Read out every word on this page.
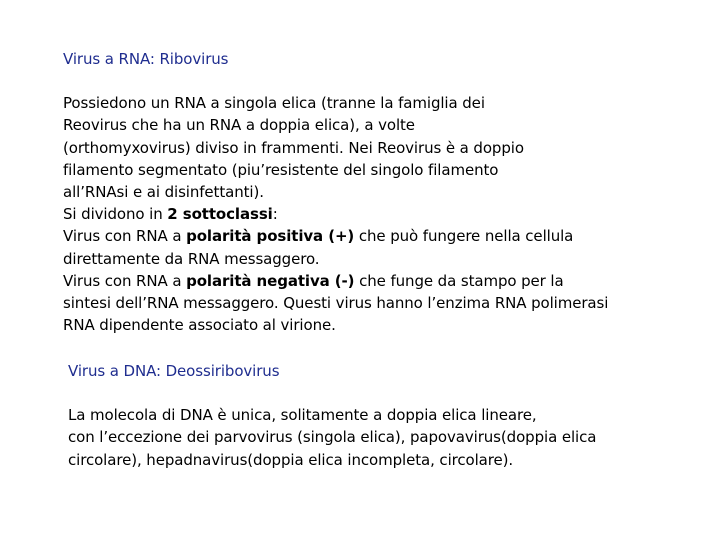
Virus a RNA: Ribovirus
Possiedono un RNA a singola elica (tranne la famiglia dei
Reovirus che ha un RNA a doppia elica), a volte
(orthomyxovirus) diviso in frammenti. Nei Reovirus è a doppio
filamento segmentato (piu’resistente del singolo filamento
all’RNAsi e ai disinfettanti).
Si dividono in 2 sottoclassi:
Virus con RNA a polarità positiva (+) che può fungere nella cellula
direttamente da RNA messaggero.
Virus con RNA a polarità negativa (-) che funge da stampo per la
sintesi dell’RNA messaggero. Questi virus hanno l’enzima RNA polimerasi
RNA dipendente associato al virione.
Virus a DNA: Deossiribovirus
La molecola di DNA è unica, solitamente a doppia elica lineare,
con l’eccezione dei parvovirus (singola elica), papovavirus(doppia elica
circolare), hepadnavirus(doppia elica incompleta, circolare).
